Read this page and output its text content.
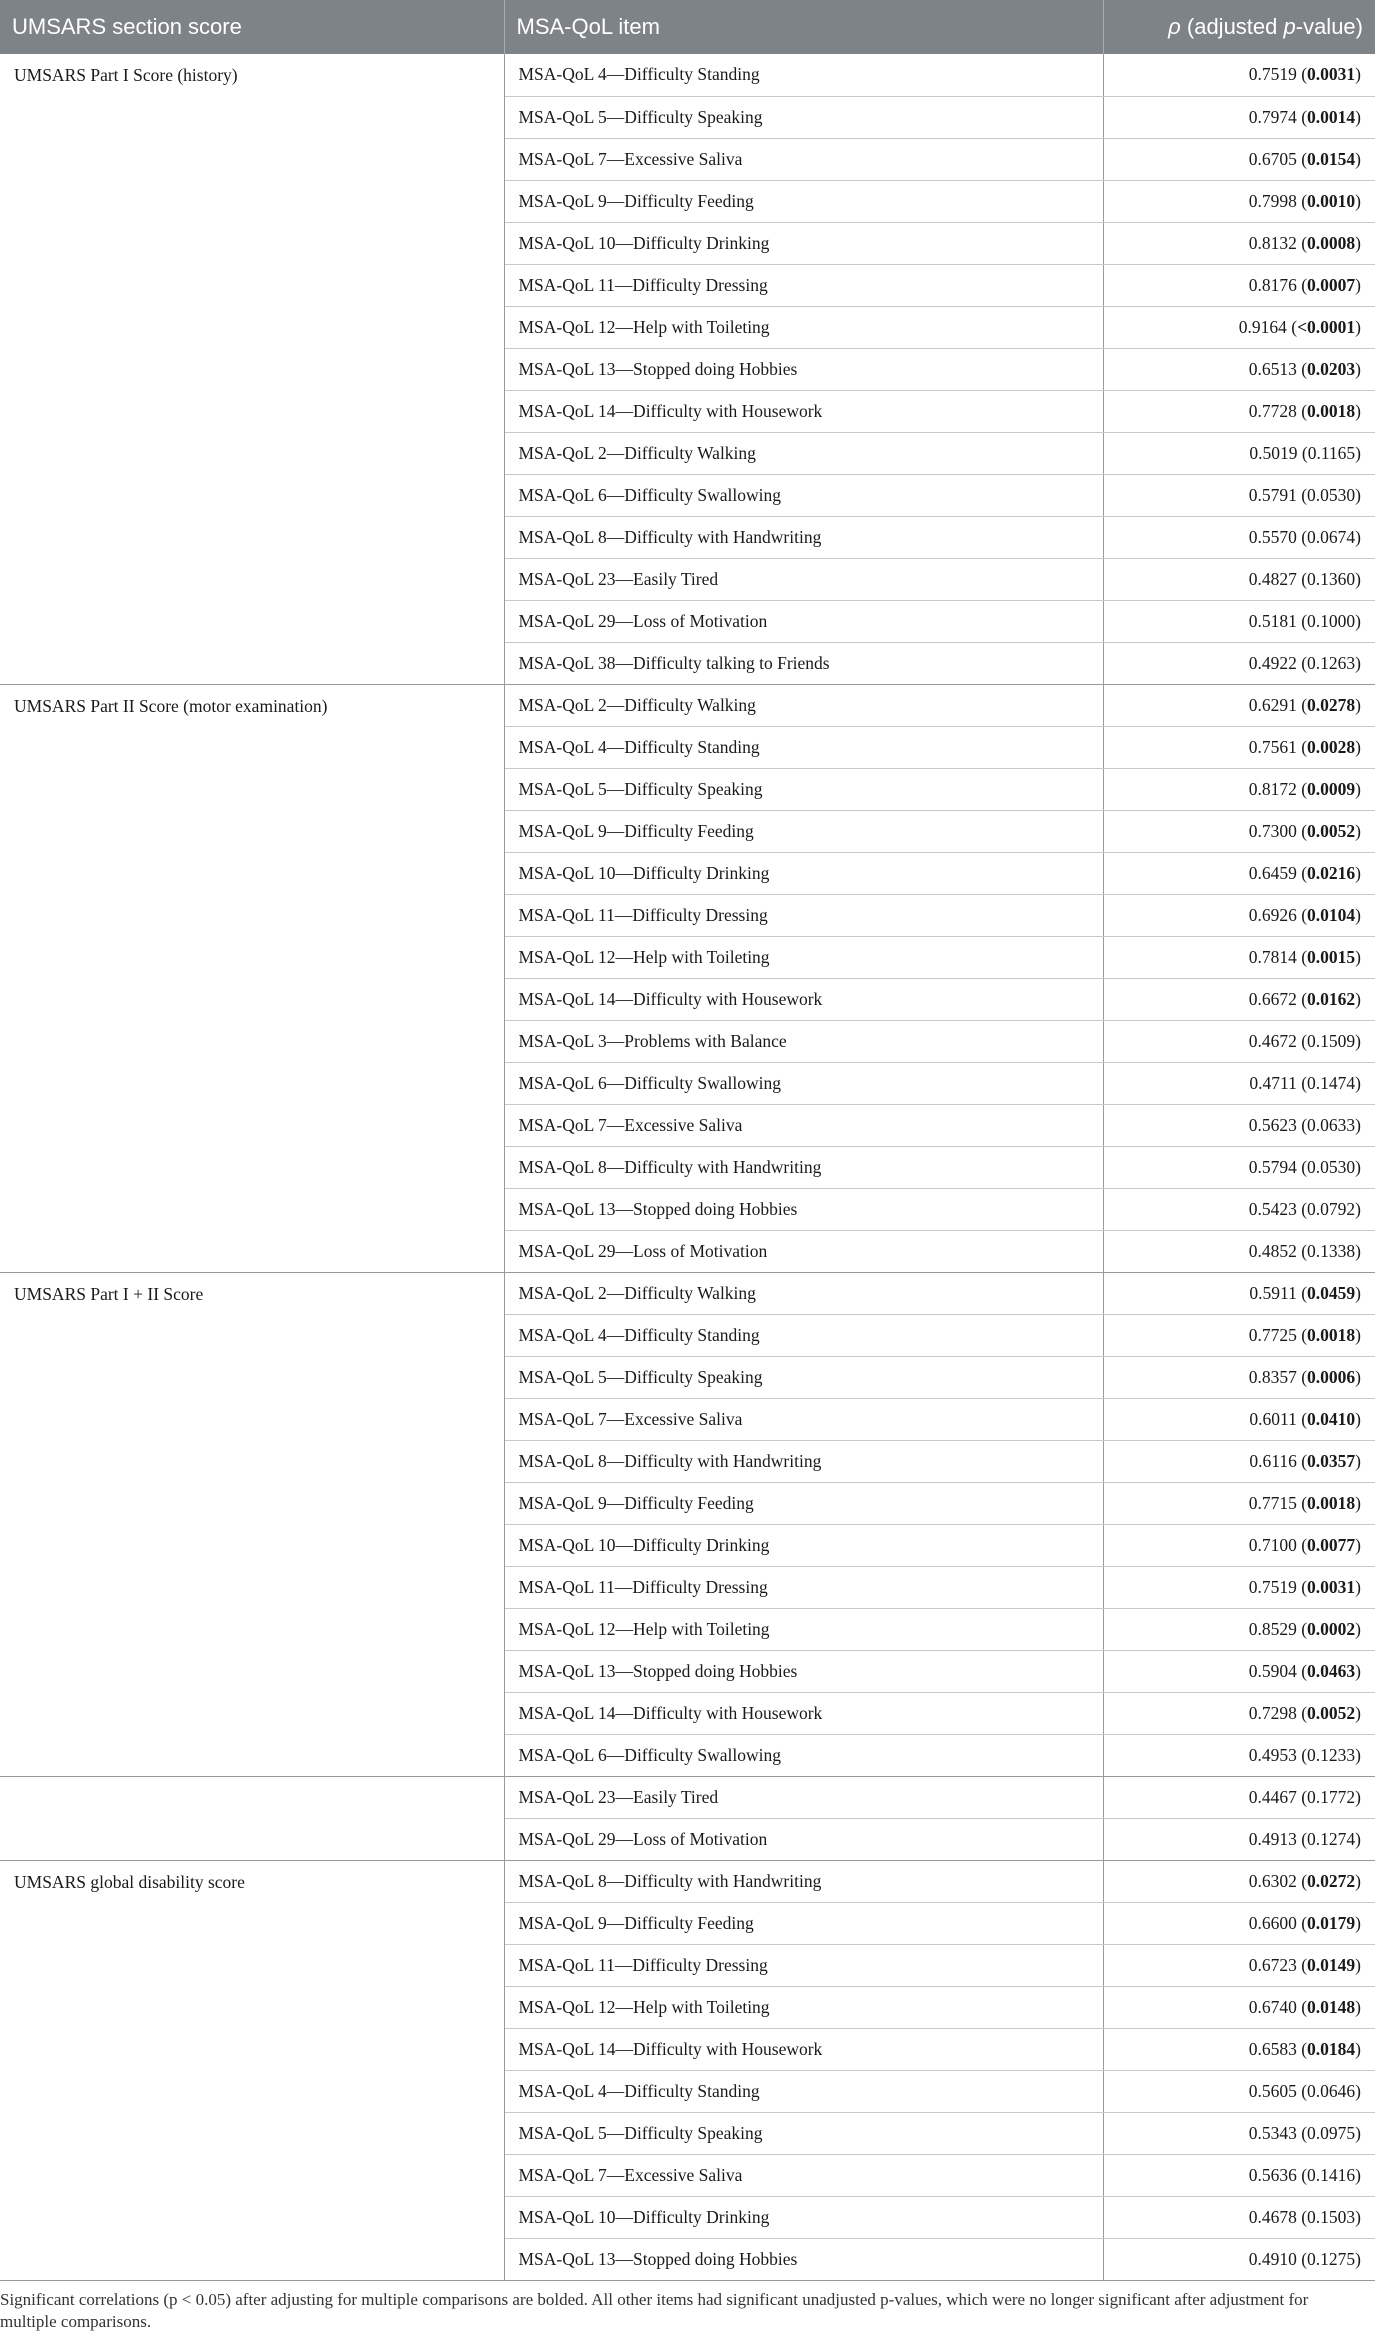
UMSARS section score	MSA-QoL item	ρ (adjusted p-value)
UMSARS Part I Score (history)	MSA-QoL 4—Difficulty Standing	0.7519 (0.0031)
	MSA-QoL 5—Difficulty Speaking	0.7974 (0.0014)
	MSA-QoL 7—Excessive Saliva	0.6705 (0.0154)
	MSA-QoL 9—Difficulty Feeding	0.7998 (0.0010)
	MSA-QoL 10—Difficulty Drinking	0.8132 (0.0008)
	MSA-QoL 11—Difficulty Dressing	0.8176 (0.0007)
	MSA-QoL 12—Help with Toileting	0.9164 (<0.0001)
	MSA-QoL 13—Stopped doing Hobbies	0.6513 (0.0203)
	MSA-QoL 14—Difficulty with Housework	0.7728 (0.0018)
	MSA-QoL 2—Difficulty Walking	0.5019 (0.1165)
	MSA-QoL 6—Difficulty Swallowing	0.5791 (0.0530)
	MSA-QoL 8—Difficulty with Handwriting	0.5570 (0.0674)
	MSA-QoL 23—Easily Tired	0.4827 (0.1360)
	MSA-QoL 29—Loss of Motivation	0.5181 (0.1000)
	MSA-QoL 38—Difficulty talking to Friends	0.4922 (0.1263)
UMSARS Part II Score (motor examination)	MSA-QoL 2—Difficulty Walking	0.6291 (0.0278)
	MSA-QoL 4—Difficulty Standing	0.7561 (0.0028)
	MSA-QoL 5—Difficulty Speaking	0.8172 (0.0009)
	MSA-QoL 9—Difficulty Feeding	0.7300 (0.0052)
	MSA-QoL 10—Difficulty Drinking	0.6459 (0.0216)
	MSA-QoL 11—Difficulty Dressing	0.6926 (0.0104)
	MSA-QoL 12—Help with Toileting	0.7814 (0.0015)
	MSA-QoL 14—Difficulty with Housework	0.6672 (0.0162)
	MSA-QoL 3—Problems with Balance	0.4672 (0.1509)
	MSA-QoL 6—Difficulty Swallowing	0.4711 (0.1474)
	MSA-QoL 7—Excessive Saliva	0.5623 (0.0633)
	MSA-QoL 8—Difficulty with Handwriting	0.5794 (0.0530)
	MSA-QoL 13—Stopped doing Hobbies	0.5423 (0.0792)
	MSA-QoL 29—Loss of Motivation	0.4852 (0.1338)
UMSARS Part I + II Score	MSA-QoL 2—Difficulty Walking	0.5911 (0.0459)
	MSA-QoL 4—Difficulty Standing	0.7725 (0.0018)
	MSA-QoL 5—Difficulty Speaking	0.8357 (0.0006)
	MSA-QoL 7—Excessive Saliva	0.6011 (0.0410)
	MSA-QoL 8—Difficulty with Handwriting	0.6116 (0.0357)
	MSA-QoL 9—Difficulty Feeding	0.7715 (0.0018)
	MSA-QoL 10—Difficulty Drinking	0.7100 (0.0077)
	MSA-QoL 11—Difficulty Dressing	0.7519 (0.0031)
	MSA-QoL 12—Help with Toileting	0.8529 (0.0002)
	MSA-QoL 13—Stopped doing Hobbies	0.5904 (0.0463)
	MSA-QoL 14—Difficulty with Housework	0.7298 (0.0052)
	MSA-QoL 6—Difficulty Swallowing	0.4953 (0.1233)
	MSA-QoL 23—Easily Tired	0.4467 (0.1772)
	MSA-QoL 29—Loss of Motivation	0.4913 (0.1274)
UMSARS global disability score	MSA-QoL 8—Difficulty with Handwriting	0.6302 (0.0272)
	MSA-QoL 9—Difficulty Feeding	0.6600 (0.0179)
	MSA-QoL 11—Difficulty Dressing	0.6723 (0.0149)
	MSA-QoL 12—Help with Toileting	0.6740 (0.0148)
	MSA-QoL 14—Difficulty with Housework	0.6583 (0.0184)
	MSA-QoL 4—Difficulty Standing	0.5605 (0.0646)
	MSA-QoL 5—Difficulty Speaking	0.5343 (0.0975)
	MSA-QoL 7—Excessive Saliva	0.5636 (0.1416)
	MSA-QoL 10—Difficulty Drinking	0.4678 (0.1503)
	MSA-QoL 13—Stopped doing Hobbies	0.4910 (0.1275)
Significant correlations (p < 0.05) after adjusting for multiple comparisons are bolded. All other items had significant unadjusted p-values, which were no longer significant after adjustment for multiple comparisons.
